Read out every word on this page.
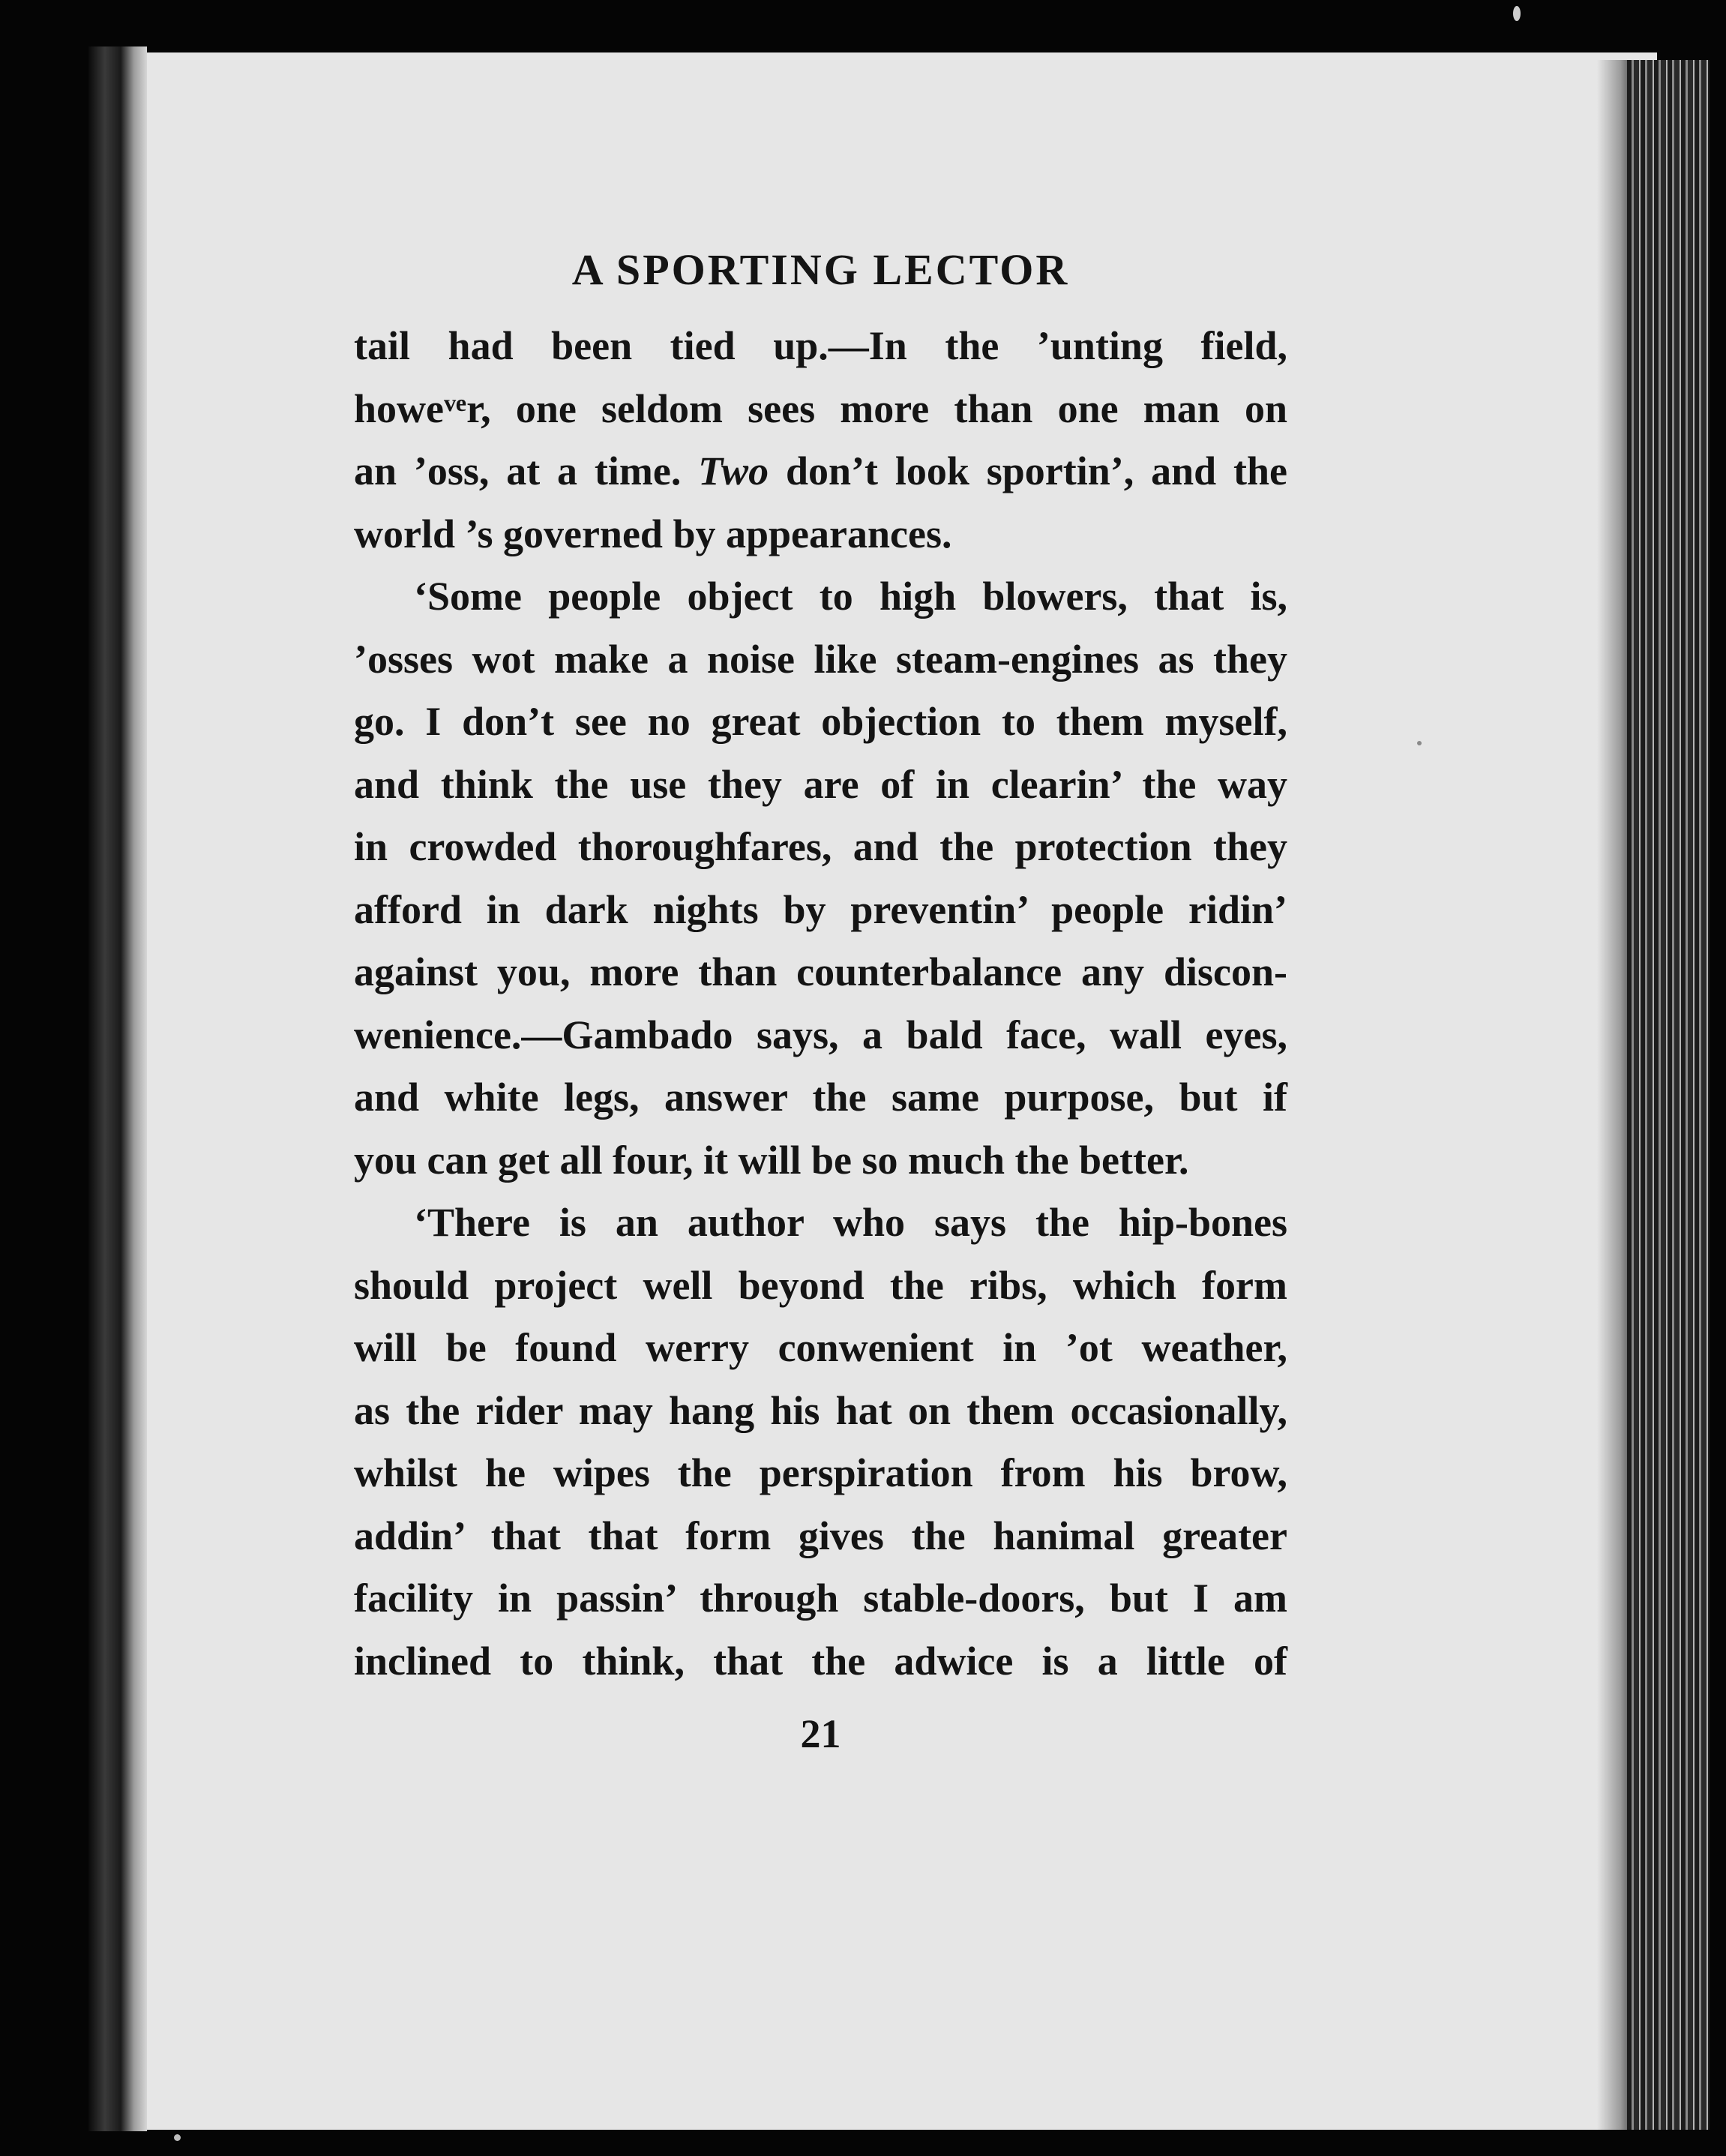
A SPORTING LECTOR
tail had been tied up.—In the ’unting field,
howeᵛᵉr, one seldom sees more than one man on
an ’oss, at a time. Two don’t look sportin’, and the
world ’s governed by appearances.
‘Some people object to high blowers, that is,
’osses wot make a noise like steam-engines as they
go. I don’t see no great objection to them myself,
and think the use they are of in clearin’ the way
in crowded thoroughfares, and the protection they
afford in dark nights by preventin’ people ridin’
against you, more than counterbalance any discon-
wenience.—Gambado says, a bald face, wall eyes,
and white legs, answer the same purpose, but if
you can get all four, it will be so much the better.
‘There is an author who says the hip-bones
should project well beyond the ribs, which form
will be found werry conwenient in ’ot weather,
as the rider may hang his hat on them occasionally,
whilst he wipes the perspiration from his brow,
addin’ that that form gives the hanimal greater
facility in passin’ through stable-doors, but I am
inclined to think, that the adwice is a little of
21
